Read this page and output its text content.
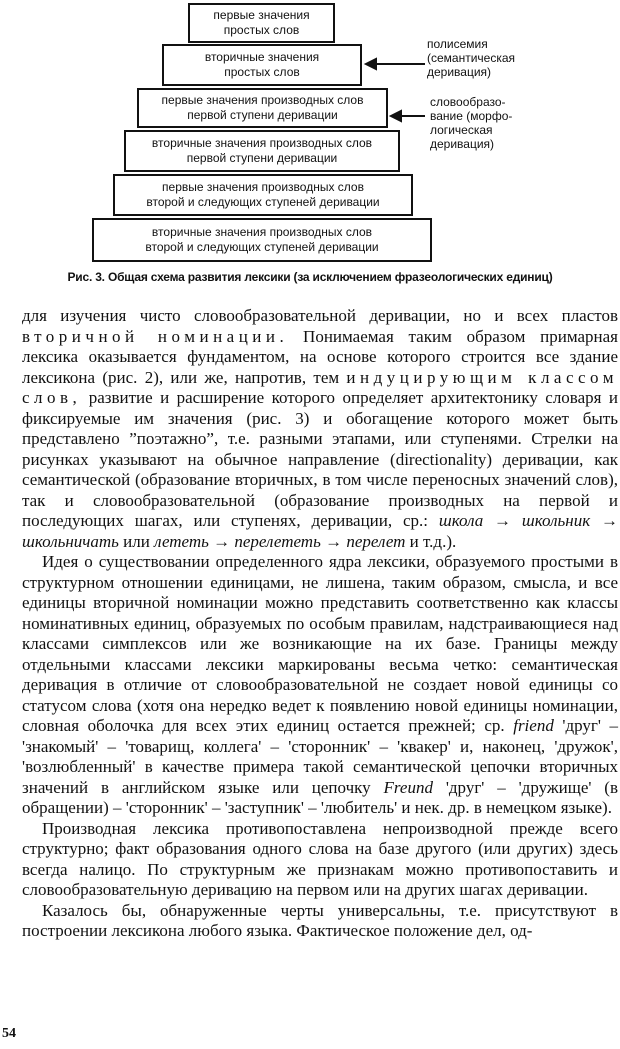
первые значения
простых слов
вторичные значения
простых слов
первые значения производных слов
первой ступени деривации
вторичные значения производных слов
первой ступени деривации
первые значения производных слов
второй и следующих ступеней деривации
вторичные значения производных слов
второй и следующих ступеней деривации
полисемия
(семантическая
деривация)
словообразо-
вание (морфо-
логическая
деривация)
Рис. 3. Общая схема развития лексики (за исключением фразеологических единиц)

для изучения чисто словообразовательной деривации, но и всех пластов вторичной номинации. Понимаемая таким образом примарная лексика оказывается фундаментом, на основе которого строится все здание лексикона (рис. 2), или же, напротив, тем индуцирующим классом слов, развитие и расширение которого определяет архитектонику словаря и фиксируемые им значения (рис. 3) и обогащение которого может быть представлено ”поэтажно”, т.е. разными этапами, или ступенями. Стрелки на рисунках указывают на обычное направление (directionality) деривации, как семантической (образование вторичных, в том числе переносных значений слов), так и словообразовательной (образование производных на первой и последующих шагах, или ступенях, деривации, ср.: школа → школьник → школьничать или лететь → перелететь → перелет и т.д.).

Идея о существовании определенного ядра лексики, образуемого простыми в структурном отношении единицами, не лишена, таким образом, смысла, и все единицы вторичной номинации можно представить соответственно как классы номинативных единиц, образуемых по особым правилам, надстраивающиеся над классами симплексов или же возникающие на их базе. Границы между отдельными классами лексики маркированы весьма четко: семантическая деривация в отличие от словообразовательной не создает новой единицы со статусом слова (хотя она нередко ведет к появлению новой единицы номинации, словная оболочка для всех этих единиц остается прежней; ср. friend 'друг' – 'знакомый' – 'товарищ, коллега' – 'сторонник' – 'квакер' и, наконец, 'дружок', 'возлюбленный' в качестве примера такой семантической цепочки вторичных значений в английском языке или цепочку Freund 'друг' – 'дружище' (в обращении) – 'сторонник' – 'заступник' – 'любитель' и нек. др. в немецком языке).

Производная лексика противопоставлена непроизводной прежде всего структурно; факт образования одного слова на базе другого (или других) здесь всегда налицо. По структурным же признакам можно противопоставить и словообразовательную деривацию на первом или на других шагах деривации.

Казалось бы, обнаруженные черты универсальны, т.е. присутствуют в построении лексикона любого языка. Фактическое положение дел, од-

54
